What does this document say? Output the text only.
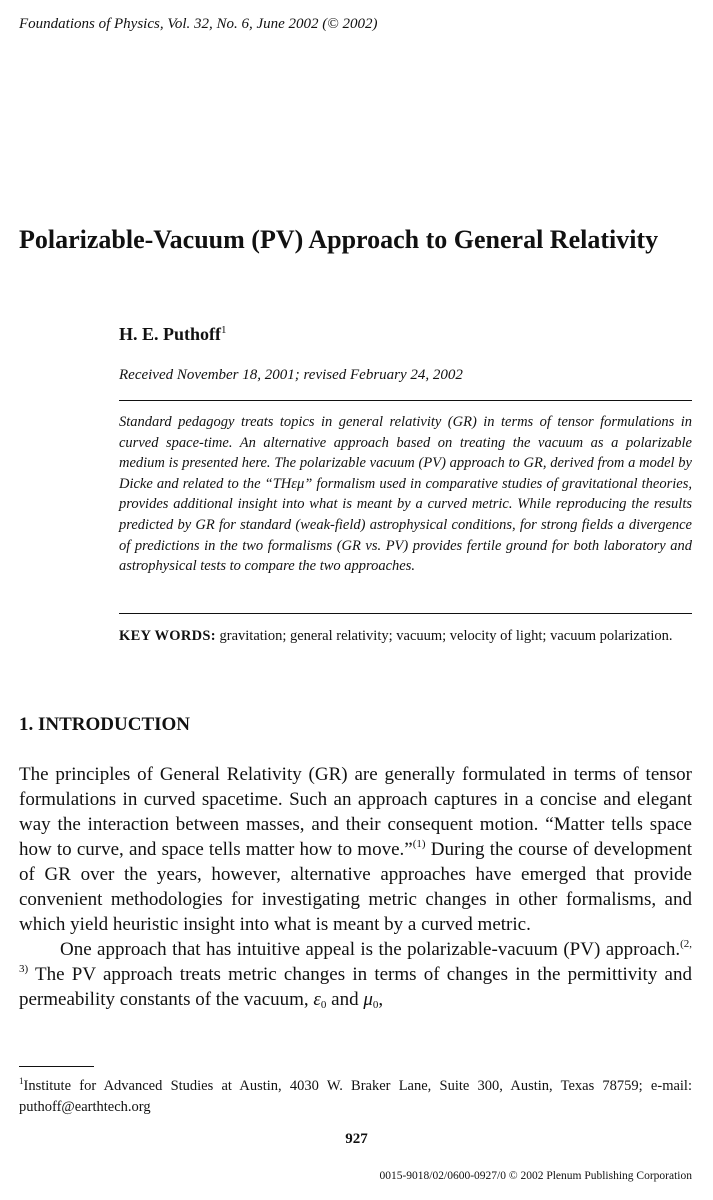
Foundations of Physics, Vol. 32, No. 6, June 2002 (© 2002)
Polarizable-Vacuum (PV) Approach to General Relativity
H. E. Puthoff$^1$
Received November 18, 2001; revised February 24, 2002

Standard pedagogy treats topics in general relativity (GR) in terms of tensor formulations in curved space-time. An alternative approach based on treating the vacuum as a polarizable medium is presented here. The polarizable vacuum (PV) approach to GR, derived from a model by Dicke and related to the “THεμ” formalism used in comparative studies of gravitational theories, provides additional insight into what is meant by a curved metric. While reproducing the results predicted by GR for standard (weak-field) astrophysical conditions, for strong fields a divergence of predictions in the two formalisms (GR vs. PV) provides fertile ground for both laboratory and astrophysical tests to compare the two approaches.

KEY WORDS: gravitation; general relativity; vacuum; velocity of light; vacuum polarization.

1. INTRODUCTION

The principles of General Relativity (GR) are generally formulated in terms of tensor formulations in curved spacetime. Such an approach captures in a concise and elegant way the interaction between masses, and their consequent motion. “Matter tells space how to curve, and space tells matter how to move.”$^{(1)}$ During the course of development of GR over the years, however, alternative approaches have emerged that provide convenient methodologies for investigating metric changes in other formalisms, and which yield heuristic insight into what is meant by a curved metric.

One approach that has intuitive appeal is the polarizable-vacuum (PV) approach.$^{(2, 3)}$ The PV approach treats metric changes in terms of changes in the permittivity and permeability constants of the vacuum, $\varepsilon_0$ and $\mu_0$,

$^1$Institute for Advanced Studies at Austin, 4030 W. Braker Lane, Suite 300, Austin, Texas 78759; e-mail: puthoff@earthtech.org

927
0015-9018/02/0600-0927/0 © 2002 Plenum Publishing Corporation
